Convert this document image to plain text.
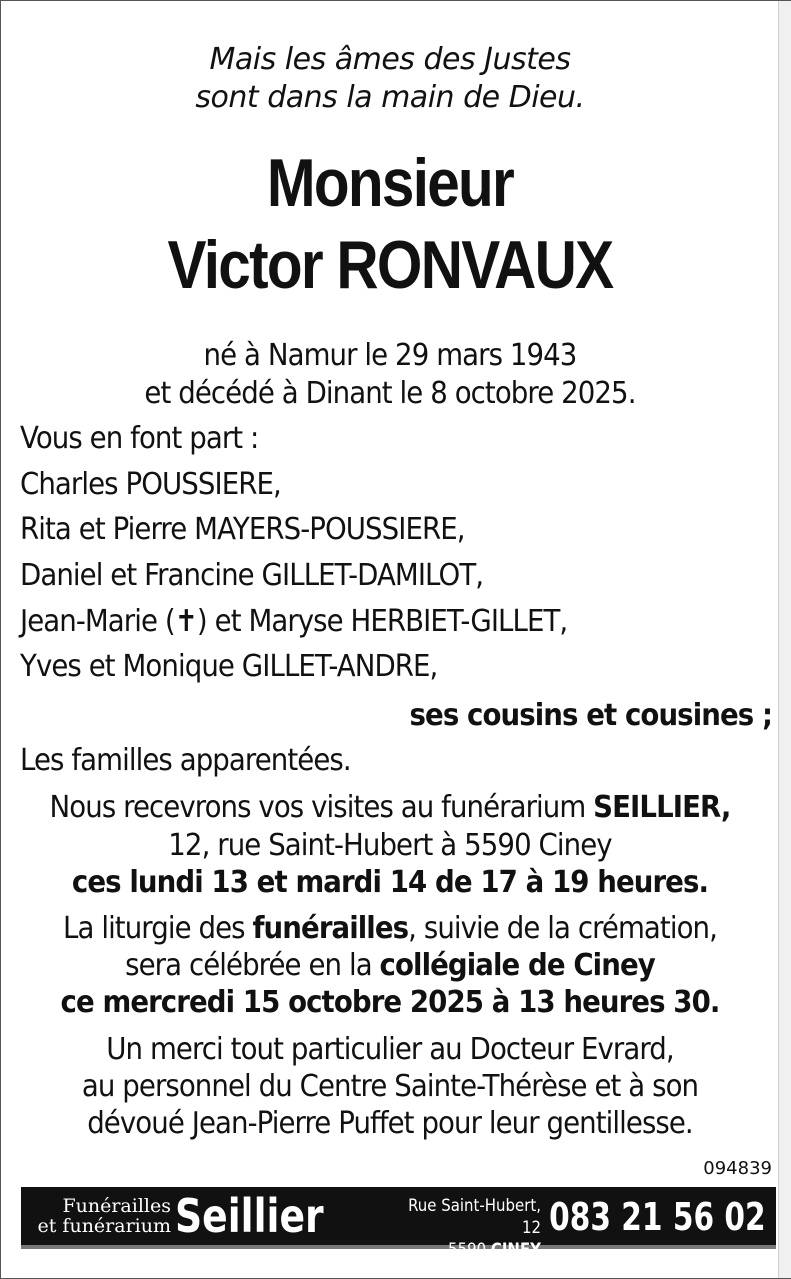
Mais les âmes des Justes
sont dans la main de Dieu.
Monsieur
Victor RONVAUX
né à Namur le 29 mars 1943
et décédé à Dinant le 8 octobre 2025.
Vous en font part :
Charles POUSSIERE,
Rita et Pierre MAYERS-POUSSIERE,
Daniel et Francine GILLET-DAMILOT,
Jean-Marie (✝) et Maryse HERBIET-GILLET,
Yves et Monique GILLET-ANDRE,
ses cousins et cousines ;
Les familles apparentées.
Nous recevrons vos visites au funérarium SEILLIER,
12, rue Saint-Hubert à 5590 Ciney
ces lundi 13 et mardi 14 de 17 à 19 heures.
La liturgie des funérailles, suivie de la crémation,
sera célébrée en la collégiale de Ciney
ce mercredi 15 octobre 2025 à 13 heures 30.
Un merci tout particulier au Docteur Evrard,
au personnel du Centre Sainte-Thérèse et à son
dévoué Jean-Pierre Puffet pour leur gentillesse.
094839
Funérailles
et funérarium Seillier	Rue Saint-Hubert, 12
5590 CINEY
083 21 56 02
